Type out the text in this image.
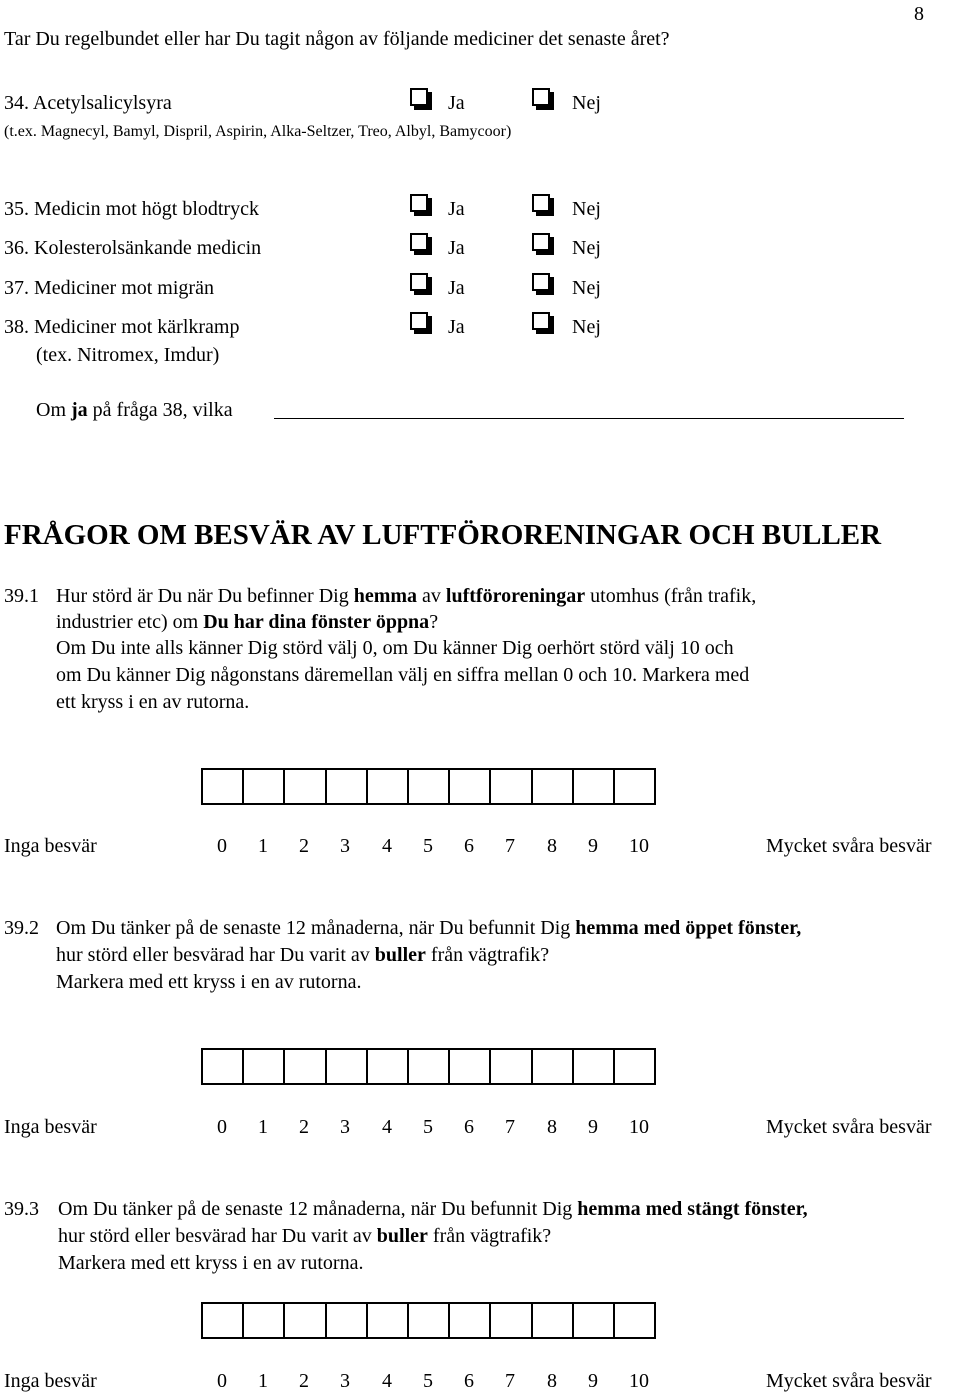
8
Tar Du regelbundet eller har Du tagit någon av följande mediciner det senaste året?
34. Acetylsalicylsyra	Ja	Nej
(t.ex. Magnecyl, Bamyl, Dispril, Aspirin, Alka-Seltzer, Treo, Albyl, Bamycoor)
35. Medicin mot högt blodtryck	Ja	Nej
36. Kolesterolsänkande medicin	Ja	Nej
37. Mediciner mot migrän	Ja	Nej
38. Mediciner mot kärlkramp	Ja	Nej
(tex. Nitromex, Imdur)
Om ja på fråga 38, vilka
FRÅGOR OM BESVÄR AV LUFTFÖRORENINGAR OCH BULLER
39.1 Hur störd är Du när Du befinner Dig hemma av luftföroreningar utomhus (från trafik,
industrier etc) om Du har dina fönster öppna?
Om Du inte alls känner Dig störd välj 0, om Du känner Dig oerhört störd välj 10 och
om Du känner Dig någonstans däremellan välj en siffra mellan 0 och 10. Markera med
ett kryss i en av rutorna.
Inga besvär	0 1 2 3 4 5 6 7 8 9 10	Mycket svåra besvär
39.2 Om Du tänker på de senaste 12 månaderna, när Du befunnit Dig hemma med öppet fönster,
hur störd eller besvärad har Du varit av buller från vägtrafik?
Markera med ett kryss i en av rutorna.
Inga besvär	0 1 2 3 4 5 6 7 8 9 10	Mycket svåra besvär
39.3 Om Du tänker på de senaste 12 månaderna, när Du befunnit Dig hemma med stängt fönster,
hur störd eller besvärad har Du varit av buller från vägtrafik?
Markera med ett kryss i en av rutorna.
Inga besvär	0 1 2 3 4 5 6 7 8 9 10	Mycket svåra besvär
